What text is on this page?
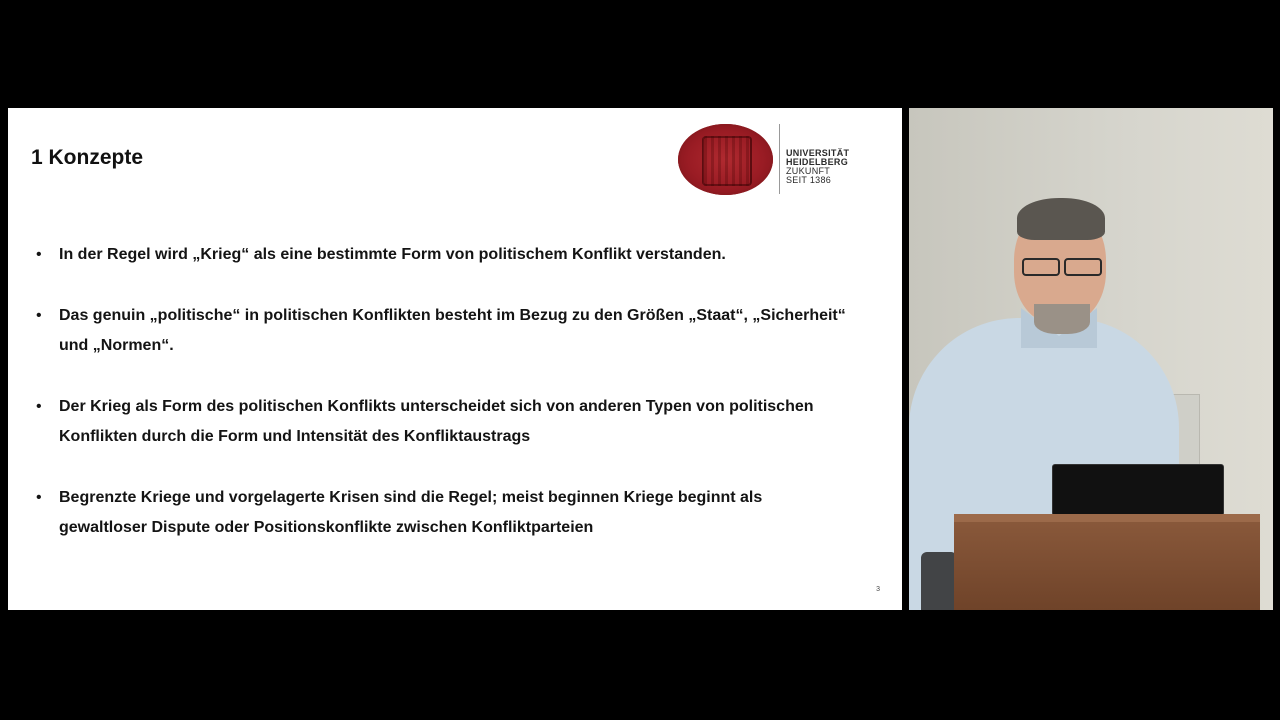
1 Konzepte	UNIVERSITÄT
HEIDELBERG
ZUKUNFT
SEIT 1386
• In der Regel wird „Krieg“ als eine bestimmte Form von politischem Konflikt verstanden.
• Das genuin „politische“ in politischen Konflikten besteht im Bezug zu den Größen „Staat“, „Sicherheit“ und „Normen“.
• Der Krieg als Form des politischen Konflikts unterscheidet sich von anderen Typen von politischen Konflikten durch die Form und Intensität des Konfliktaustrags
• Begrenzte Kriege und vorgelagerte Krisen sind die Regel; meist beginnen Kriege beginnt als gewaltloser Dispute oder Positionskonflikte zwischen Konfliktparteien
3
